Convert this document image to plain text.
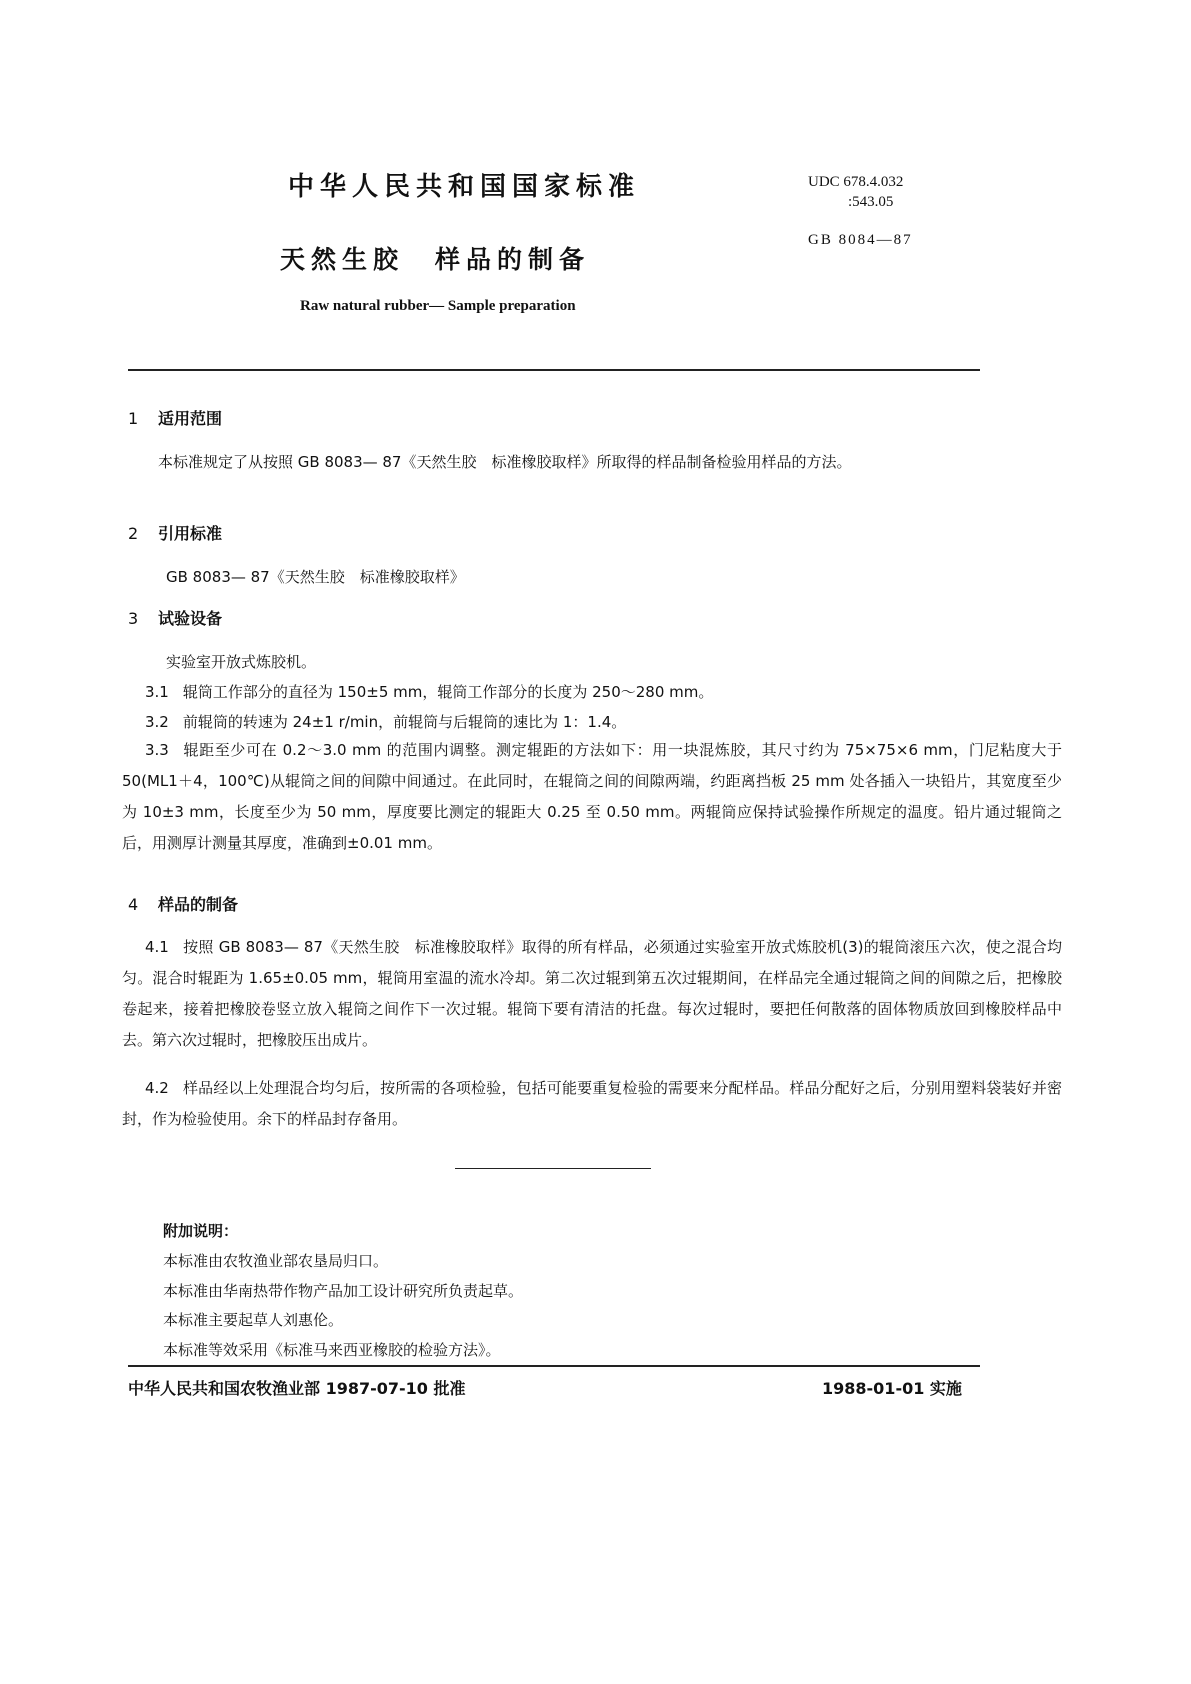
中华人民共和国国家标准	UDC 678.4.032
:543.05
GB 8084—87
天然生胶　样品的制备
Raw natural rubber— Sample preparation
1 适用范围
本标准规定了从按照 GB 8083— 87《天然生胶　标准橡胶取样》所取得的样品制备检验用样品的方法。
2 引用标准
GB 8083— 87《天然生胶　标准橡胶取样》
3 试验设备
实验室开放式炼胶机。
3.1 辊筒工作部分的直径为 150±5 mm，辊筒工作部分的长度为 250～280 mm。
3.2 前辊筒的转速为 24±1 r/min，前辊筒与后辊筒的速比为 1：1.4。
3.3 辊距至少可在 0.2～3.0 mm 的范围内调整。测定辊距的方法如下：用一块混炼胶，其尺寸约为 75×75×6 mm，门尼粘度大于 50(ML1＋4，100℃)从辊筒之间的间隙中间通过。在此同时，在辊筒之间的间隙两端，约距离挡板 25 mm 处各插入一块铅片，其宽度至少为 10±3 mm，长度至少为 50 mm，厚度要比测定的辊距大 0.25 至 0.50 mm。两辊筒应保持试验操作所规定的温度。铅片通过辊筒之后，用测厚计测量其厚度，准确到±0.01 mm。
4 样品的制备
4.1 按照 GB 8083— 87《天然生胶　标准橡胶取样》取得的所有样品，必须通过实验室开放式炼胶机(3)的辊筒滚压六次，使之混合均匀。混合时辊距为 1.65±0.05 mm，辊筒用室温的流水冷却。第二次过辊到第五次过辊期间，在样品完全通过辊筒之间的间隙之后，把橡胶卷起来，接着把橡胶卷竖立放入辊筒之间作下一次过辊。辊筒下要有清洁的托盘。每次过辊时，要把任何散落的固体物质放回到橡胶样品中去。第六次过辊时，把橡胶压出成片。
4.2 样品经以上处理混合均匀后，按所需的各项检验，包括可能要重复检验的需要来分配样品。样品分配好之后，分别用塑料袋装好并密封，作为检验使用。余下的样品封存备用。
附加说明：
本标准由农牧渔业部农垦局归口。
本标准由华南热带作物产品加工设计研究所负责起草。
本标准主要起草人刘惠伦。
本标准等效采用《标准马来西亚橡胶的检验方法》。
中华人民共和国农牧渔业部 1987-07-10 批准	1988-01-01 实施
